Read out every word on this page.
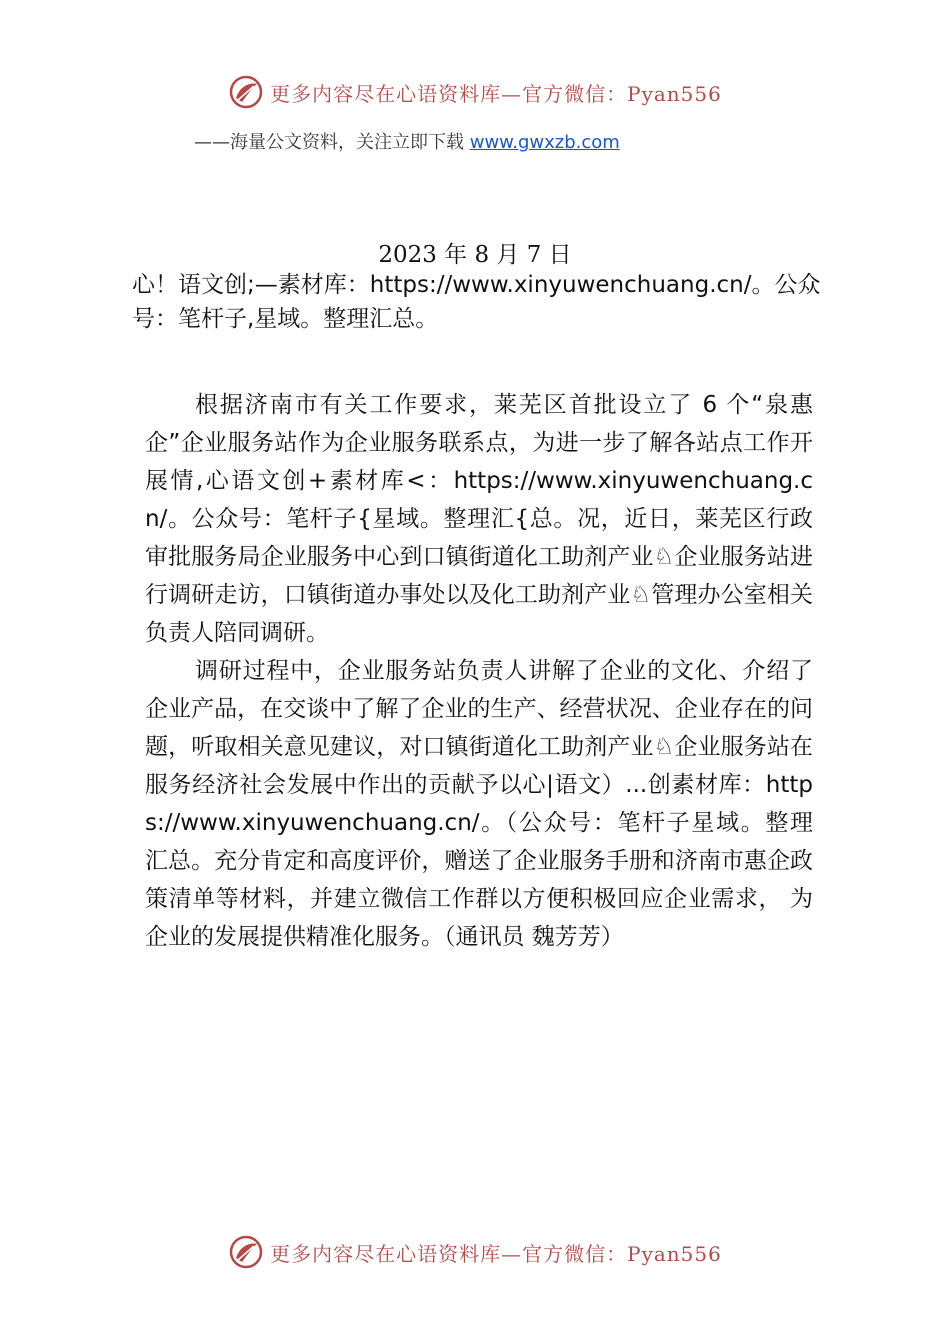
更多内容尽在心语资料库—官方微信：Pyan556
——海量公文资料，关注立即下载 www.gwxzb.com
2023 年 8 月 7 日

心！语文创;—素材库：https://www.xinyuwenchuang.cn/。公众号：笔杆子,星域。整理汇总。

根据济南市有关工作要求，莱芜区首批设立了 6 个“泉惠企”企业服务站作为企业服务联系点，为进一步了解各站点工作开展情,心语文创+素材库<：https://www.xinyuwenchuang.cn/。公众号：笔杆子{星域。整理汇{总。况，近日，莱芜区行政审批服务局企业服务中心到口镇街道化工助剂产业♘企业服务站进行调研走访，口镇街道办事处以及化工助剂产业♘管理办公室相关负责人陪同调研。

调研过程中，企业服务站负责人讲解了企业的文化、介绍了企业产品，在交谈中了解了企业的生产、经营状况、企业存在的问题，听取相关意见建议，对口镇街道化工助剂产业♘企业服务站在服务经济社会发展中作出的贡献予以心|语文）...创素材库：https://www.xinyuwenchuang.cn/。（公众号：笔杆子星域。整理汇总。充分肯定和高度评价，赠送了企业服务手册和济南市惠企政策清单等材料，并建立微信工作群以方便积极回应企业需求， 为企业的发展提供精准化服务。（通讯员 魏芳芳）

更多内容尽在心语资料库—官方微信：Pyan556
